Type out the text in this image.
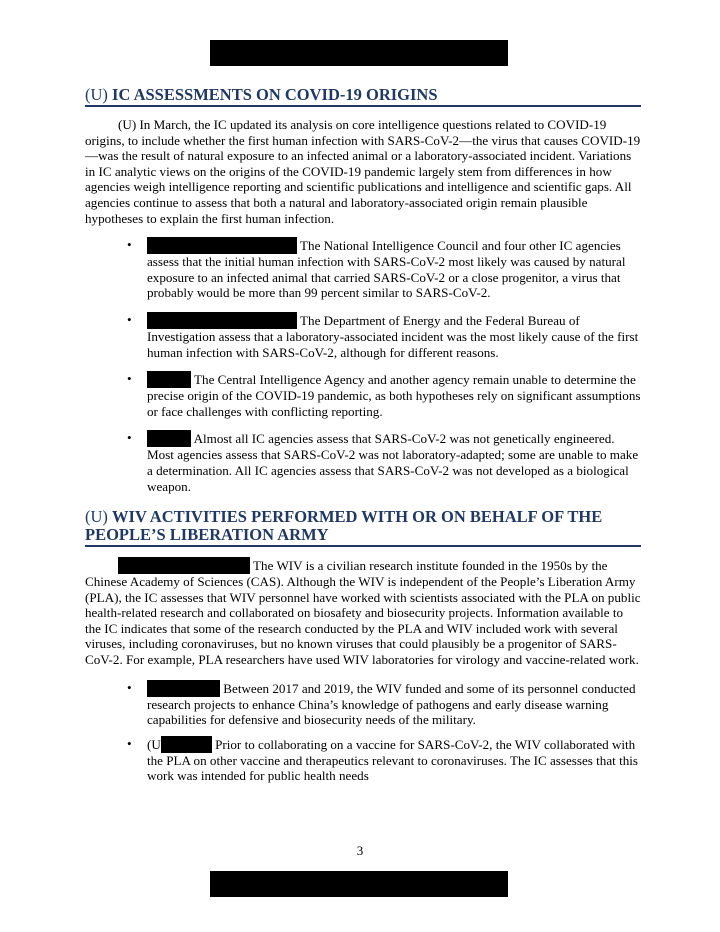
(U) IC ASSESSMENTS ON COVID-19 ORIGINS

(U) In March, the IC updated its analysis on core intelligence questions related to COVID-19 origins, to include whether the first human infection with SARS-CoV-2—the virus that causes COVID-19—was the result of natural exposure to an infected animal or a laboratory-associated incident. Variations in IC analytic views on the origins of the COVID-19 pandemic largely stem from differences in how agencies weigh intelligence reporting and scientific publications and intelligence and scientific gaps. All agencies continue to assess that both a natural and laboratory-associated origin remain plausible hypotheses to explain the first human infection.

•	The National Intelligence Council and four other IC agencies assess that the initial human infection with SARS-CoV-2 most likely was caused by natural exposure to an infected animal that carried SARS-CoV-2 or a close progenitor, a virus that probably would be more than 99 percent similar to SARS-CoV-2.
•	The Department of Energy and the Federal Bureau of Investigation assess that a laboratory-associated incident was the most likely cause of the first human infection with SARS-CoV-2, although for different reasons.
•	The Central Intelligence Agency and another agency remain unable to determine the precise origin of the COVID-19 pandemic, as both hypotheses rely on significant assumptions or face challenges with conflicting reporting.
•	Almost all IC agencies assess that SARS-CoV-2 was not genetically engineered. Most agencies assess that SARS-CoV-2 was not laboratory-adapted; some are unable to make a determination. All IC agencies assess that SARS-CoV-2 was not developed as a biological weapon.
(U) WIV ACTIVITIES PERFORMED WITH OR ON BEHALF OF THE PEOPLE’S LIBERATION ARMY

The WIV is a civilian research institute founded in the 1950s by the Chinese Academy of Sciences (CAS). Although the WIV is independent of the People’s Liberation Army (PLA), the IC assesses that WIV personnel have worked with scientists associated with the PLA on public health-related research and collaborated on biosafety and biosecurity projects. Information available to the IC indicates that some of the research conducted by the PLA and WIV included work with several viruses, including coronaviruses, but no known viruses that could plausibly be a progenitor of SARS-CoV-2. For example, PLA researchers have used WIV laboratories for virology and vaccine-related work.

•	Between 2017 and 2019, the WIV funded and some of its personnel conducted research projects to enhance China’s knowledge of pathogens and early disease warning capabilities for defensive and biosecurity needs of the military.
• (U	Prior to collaborating on a vaccine for SARS-CoV-2, the WIV collaborated with the PLA on other vaccine and therapeutics relevant to coronaviruses. The IC assesses that this work was intended for public health needs
3
